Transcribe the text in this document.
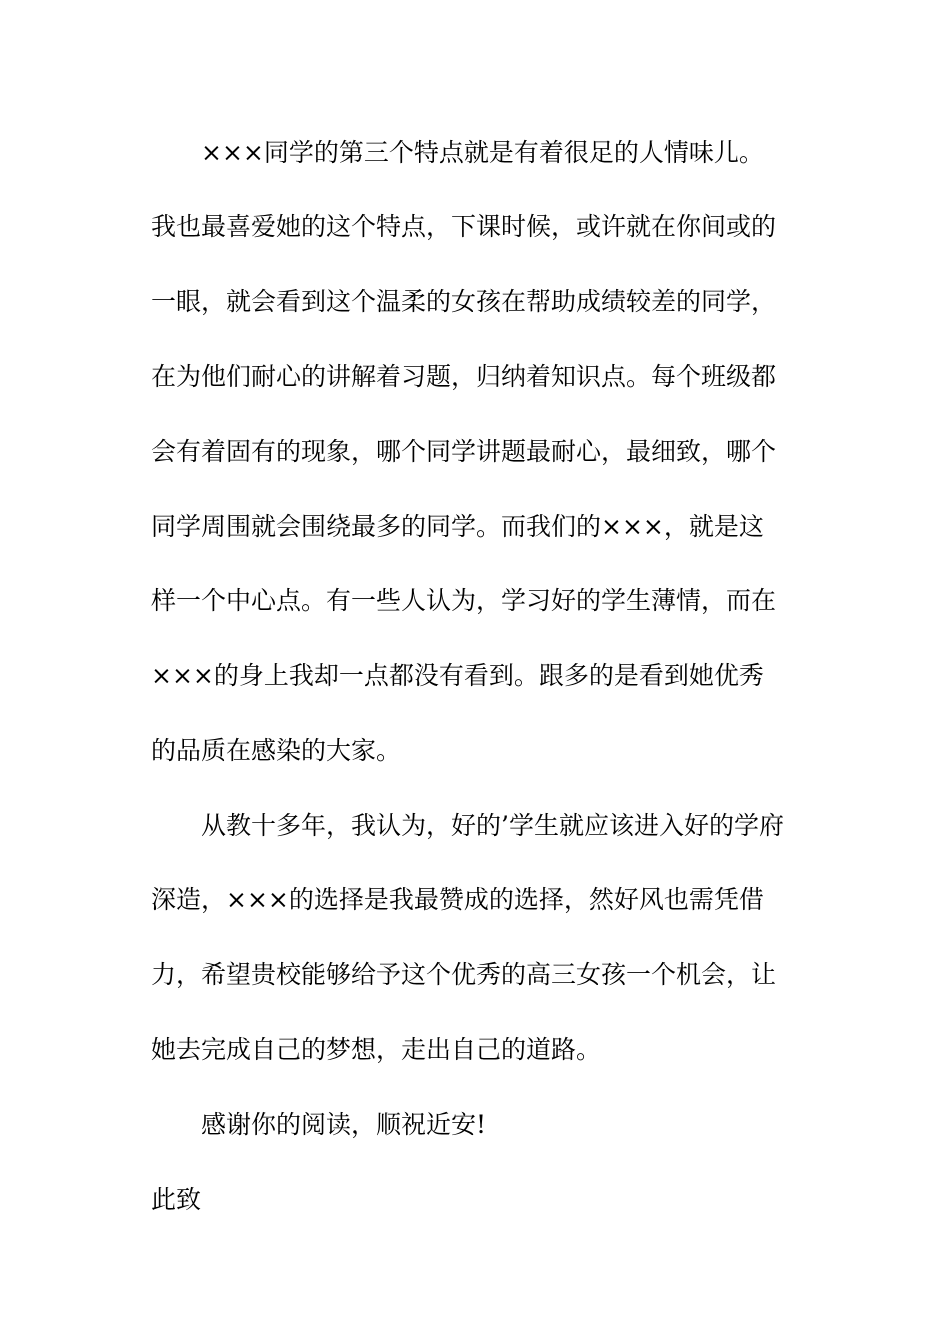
×××同学的第三个特点就是有着很足的人情味儿。
我也最喜爱她的这个特点，下课时候，或许就在你间或的
一眼，就会看到这个温柔的女孩在帮助成绩较差的同学，
在为他们耐心的讲解着习题，归纳着知识点。每个班级都
会有着固有的现象，哪个同学讲题最耐心，最细致，哪个
同学周围就会围绕最多的同学。而我们的×××，就是这
样一个中心点。有一些人认为，学习好的学生薄情，而在
×××的身上我却一点都没有看到。跟多的是看到她优秀
的品质在感染的大家。
从教十多年，我认为，好的’学生就应该进入好的学府
深造，×××的选择是我最赞成的选择，然好风也需凭借
力，希望贵校能够给予这个优秀的高三女孩一个机会，让
她去完成自己的梦想，走出自己的道路。
感谢你的阅读，顺祝近安!
此致
